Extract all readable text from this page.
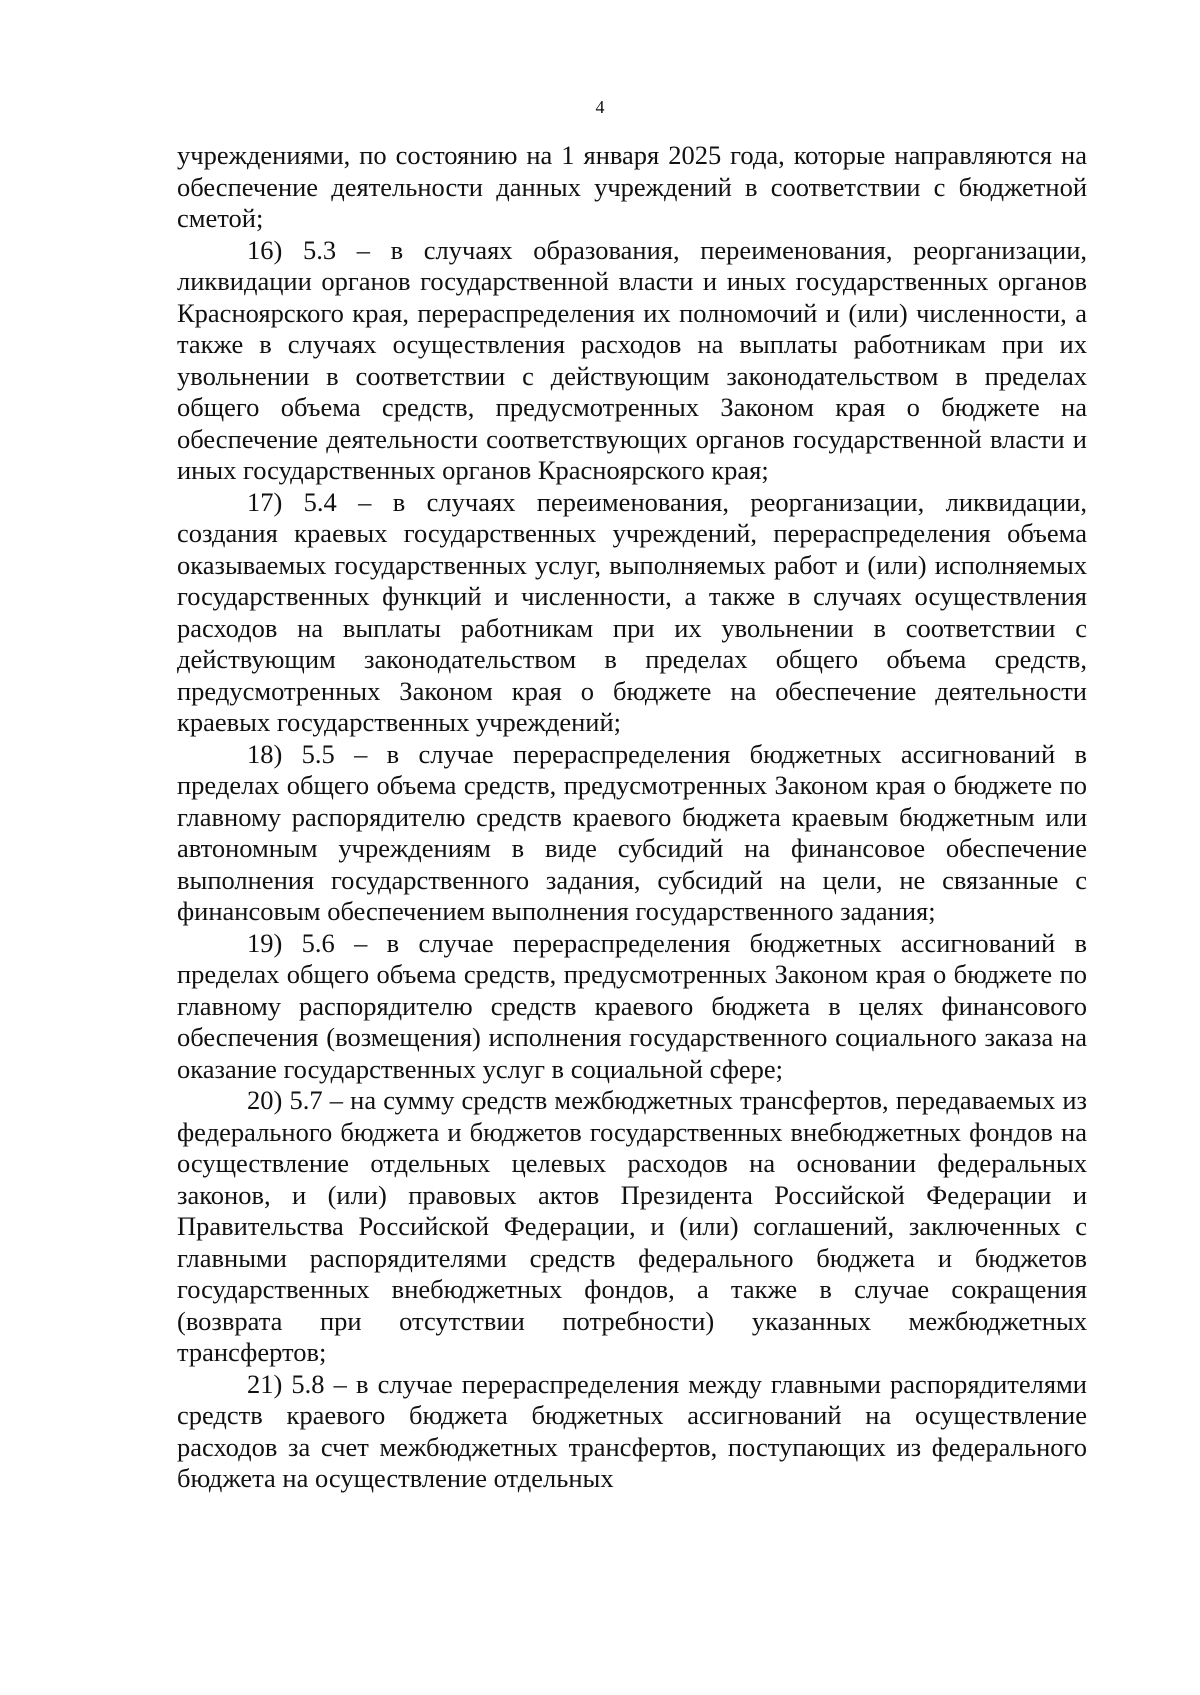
4

учреждениями, по состоянию на 1 января 2025 года, которые направляются на обеспечение деятельности данных учреждений в соответствии с бюджетной сметой;

16) 5.3 – в случаях образования, переименования, реорганизации, ликвидации органов государственной власти и иных государственных органов Красноярского края, перераспределения их полномочий и (или) численности, а также в случаях осуществления расходов на выплаты работникам при их увольнении в соответствии с действующим законодательством в пределах общего объема средств, предусмотренных Законом края о бюджете на обеспечение деятельности соответствующих органов государственной власти и иных государственных органов Красноярского края;

17) 5.4 – в случаях переименования, реорганизации, ликвидации, создания краевых государственных учреждений, перераспределения объема оказываемых государственных услуг, выполняемых работ и (или) исполняемых государственных функций и численности, а также в случаях осуществления расходов на выплаты работникам при их увольнении в соответствии с действующим законодательством в пределах общего объема средств, предусмотренных Законом края о бюджете на обеспечение деятельности краевых государственных учреждений;

18) 5.5 – в случае перераспределения бюджетных ассигнований в пределах общего объема средств, предусмотренных Законом края о бюджете по главному распорядителю средств краевого бюджета краевым бюджетным или автономным учреждениям в виде субсидий на финансовое обеспечение выполнения государственного задания, субсидий на цели, не связанные с финансовым обеспечением выполнения государственного задания;

19) 5.6 – в случае перераспределения бюджетных ассигнований в пределах общего объема средств, предусмотренных Законом края о бюджете по главному распорядителю средств краевого бюджета в целях финансового обеспечения (возмещения) исполнения государственного социального заказа на оказание государственных услуг в социальной сфере;

20) 5.7 – на сумму средств межбюджетных трансфертов, передаваемых из федерального бюджета и бюджетов государственных внебюджетных фондов на осуществление отдельных целевых расходов на основании федеральных законов, и (или) правовых актов Президента Российской Федерации и Правительства Российской Федерации, и (или) соглашений, заключенных с главными распорядителями средств федерального бюджета и бюджетов государственных внебюджетных фондов, а также в случае сокращения (возврата при отсутствии потребности) указанных межбюджетных трансфертов;

21) 5.8 – в случае перераспределения между главными распорядителями средств краевого бюджета бюджетных ассигнований на осуществление расходов за счет межбюджетных трансфертов, поступающих из федерального бюджета на осуществление отдельных
